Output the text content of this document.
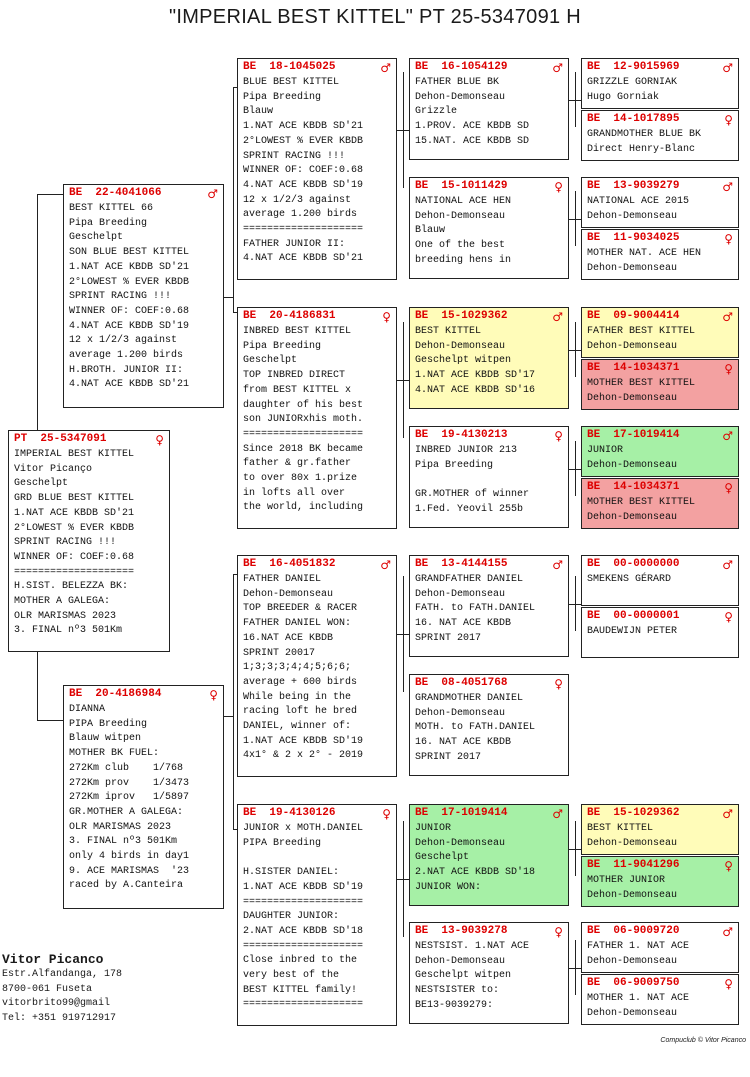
"IMPERIAL BEST KITTEL" PT 25-5347091 H
PT  25-5347091	♀
IMPERIAL BEST KITTEL
Vitor Picanço
Geschelpt
GRD BLUE BEST KITTEL
1.NAT ACE KBDB SD'21
2°LOWEST % EVER KBDB
SPRINT RACING !!!
WINNER OF: COEF:0.68
====================
H.SIST. BELEZZA BK:
MOTHER A GALEGA:
OLR MARISMAS 2023
3. FINAL nº3 501Km
BE  22-4041066	♂
BEST KITTEL 66
Pipa Breeding
Geschelpt
SON BLUE BEST KITTEL
1.NAT ACE KBDB SD'21
2°LOWEST % EVER KBDB
SPRINT RACING !!!
WINNER OF: COEF:0.68
4.NAT ACE KBDB SD'19
12 x 1/2/3 against
average 1.200 birds
H.BROTH. JUNIOR II:
4.NAT ACE KBDB SD'21
BE  20-4186984	♀
DIANNA
PIPA Breeding
Blauw witpen
MOTHER BK FUEL:
272Km club    1/768
272Km prov    1/3473
272Km iprov   1/5897
GR.MOTHER A GALEGA:
OLR MARISMAS 2023
3. FINAL nº3 501Km
only 4 birds in day1
9. ACE MARISMAS  '23
raced by A.Canteira
BE  18-1045025	♂
BLUE BEST KITTEL
Pipa Breeding
Blauw
1.NAT ACE KBDB SD'21
2°LOWEST % EVER KBDB
SPRINT RACING !!!
WINNER OF: COEF:0.68
4.NAT ACE KBDB SD'19
12 x 1/2/3 against
average 1.200 birds
====================
FATHER JUNIOR II:
4.NAT ACE KBDB SD'21
BE  20-4186831	♀
INBRED BEST KITTEL
Pipa Breeding
Geschelpt
TOP INBRED DIRECT
from BEST KITTEL x
daughter of his best
son JUNIORxhis moth.
====================
Since 2018 BK became
father & gr.father
to over 80x 1.prize
in lofts all over
the world, including
BE  16-4051832	♂
FATHER DANIEL
Dehon-Demonseau
TOP BREEDER & RACER
FATHER DANIEL WON:
16.NAT ACE KBDB
SPRINT 20017
1;3;3;3;4;4;5;6;6;
average + 600 birds
While being in the
racing loft he bred
DANIEL, winner of:
1.NAT ACE KBDB SD'19
4x1° & 2 x 2° - 2019
BE  19-4130126	♀
JUNIOR x MOTH.DANIEL
PIPA Breeding

H.SISTER DANIEL:
1.NAT ACE KBDB SD'19
====================
DAUGHTER JUNIOR:
2.NAT ACE KBDB SD'18
====================
Close inbred to the
very best of the
BEST KITTEL family!
====================
BE  16-1054129	♂
FATHER BLUE BK
Dehon-Demonseau
Grizzle
1.PROV. ACE KBDB SD
15.NAT. ACE KBDB SD
BE  15-1011429	♀
NATIONAL ACE HEN
Dehon-Demonseau
Blauw
One of the best
breeding hens in
BE  15-1029362	♂
BEST KITTEL
Dehon-Demonseau
Geschelpt witpen
1.NAT ACE KBDB SD'17
4.NAT ACE KBDB SD'16
BE  19-4130213	♀
INBRED JUNIOR 213
Pipa Breeding

GR.MOTHER of winner
1.Fed. Yeovil 255b
BE  13-4144155	♂
GRANDFATHER DANIEL
Dehon-Demonseau
FATH. to FATH.DANIEL
16. NAT ACE KBDB
SPRINT 2017
BE  08-4051768	♀
GRANDMOTHER DANIEL
Dehon-Demonseau
MOTH. to FATH.DANIEL
16. NAT ACE KBDB
SPRINT 2017
BE  17-1019414	♂
JUNIOR
Dehon-Demonseau
Geschelpt
2.NAT ACE KBDB SD'18
JUNIOR WON:
BE  13-9039278	♀
NESTSIST. 1.NAT ACE
Dehon-Demonseau
Geschelpt witpen
NESTSISTER to:
BE13-9039279:
BE  12-9015969	♂
GRIZZLE GORNIAK
Hugo Gorniak
BE  14-1017895	♀
GRANDMOTHER BLUE BK
Direct Henry-Blanc
BE  13-9039279	♂
NATIONAL ACE 2015
Dehon-Demonseau
BE  11-9034025	♀
MOTHER NAT. ACE HEN
Dehon-Demonseau
BE  09-9004414	♂
FATHER BEST KITTEL
Dehon-Demonseau
BE  14-1034371	♀
MOTHER BEST KITTEL
Dehon-Demonseau
BE  17-1019414	♂
JUNIOR
Dehon-Demonseau
BE  14-1034371	♀
MOTHER BEST KITTEL
Dehon-Demonseau
BE  00-0000000	♂
SMEKENS GÉRARD
BE  00-0000001	♀
BAUDEWIJN PETER
BE  15-1029362	♂
BEST KITTEL
Dehon-Demonseau
BE  11-9041296	♀
MOTHER JUNIOR
Dehon-Demonseau
BE  06-9009720	♂
FATHER 1. NAT ACE
Dehon-Demonseau
BE  06-9009750	♀
MOTHER 1. NAT ACE
Dehon-Demonseau
Vitor Picanco
Estr.Alfandanga, 178
8700-061 Fuseta
vitorbrito99@gmail
Tel: +351 919712917
Compuclub © Vitor Picanco
